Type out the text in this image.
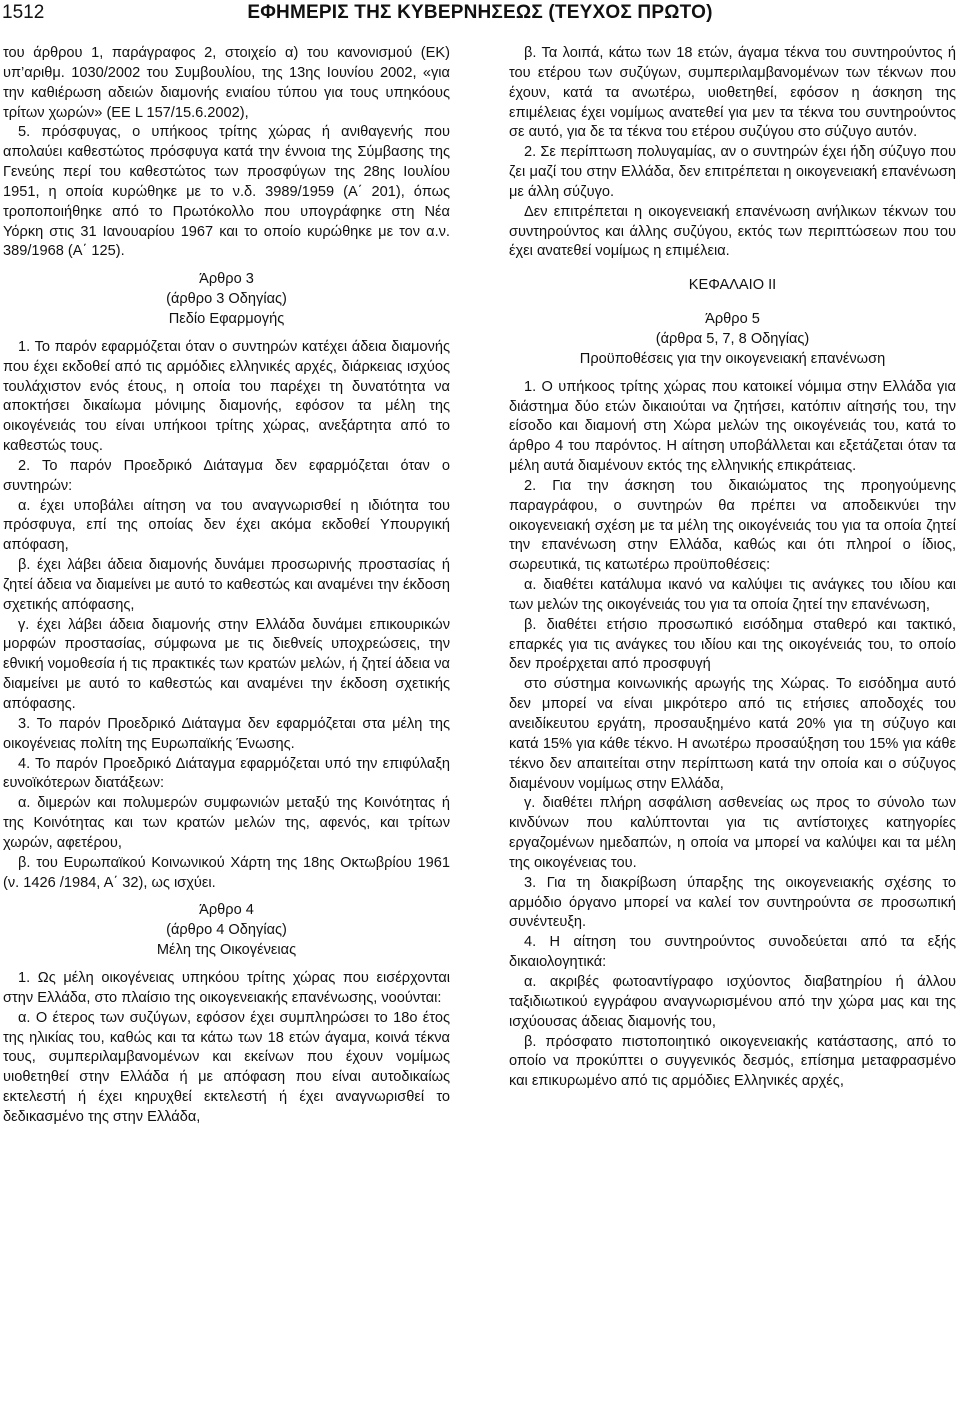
1512	ΕΦΗΜΕΡΙΣ ΤΗΣ ΚΥΒΕΡΝΗΣΕΩΣ (ΤΕΥΧΟΣ ΠΡΩΤΟ)

του άρθρου 1, παράγραφος 2, στοιχείο α) του κανονισμού (ΕΚ) υπ’αριθμ. 1030/2002 του Συμβουλίου, της 13ης Ιουνίου 2002, «για την καθιέρωση αδειών διαμονής ενιαίου τύπου για τους υπηκόους τρίτων χωρών» (ΕΕ L 157/15.6.2002),

5. πρόσφυγας, ο υπήκοος τρίτης χώρας ή ανιθαγενής που απολαύει καθεστώτος πρόσφυγα κατά την έννοια της Σύμβασης της Γενεύης περί του καθεστώτος των προσφύγων της 28ης Ιουλίου 1951, η οποία κυρώθηκε με το ν.δ. 3989/1959 (Α΄ 201), όπως τροποποιήθηκε από το Πρωτόκολλο που υπογράφηκε στη Νέα Υόρκη στις 31 Ιανουαρίου 1967 και το οποίο κυρώθηκε με τον α.ν. 389/1968 (Α΄ 125).

Άρθρο 3

(άρθρο 3 Οδηγίας)

Πεδίο Εφαρμογής

1. Το παρόν εφαρμόζεται όταν ο συντηρών κατέχει άδεια διαμονής που έχει εκδοθεί από τις αρμόδιες ελληνικές αρχές, διάρκειας ισχύος τουλάχιστον ενός έτους, η οποία του παρέχει τη δυνατότητα να αποκτήσει δικαίωμα μόνιμης διαμονής, εφόσον τα μέλη της οικογένειάς του είναι υπήκοοι τρίτης χώρας, ανεξάρτητα από το καθεστώς τους.

2. Το παρόν Προεδρικό Διάταγμα δεν εφαρμόζεται όταν ο συντηρών:

α. έχει υποβάλει αίτηση να του αναγνωρισθεί η ιδιότητα του πρόσφυγα, επί της οποίας δεν έχει ακόμα εκδοθεί Υπουργική απόφαση,

β. έχει λάβει άδεια διαμονής δυνάμει προσωρινής προστασίας ή ζητεί άδεια να διαμείνει με αυτό το καθεστώς και αναμένει την έκδοση σχετικής απόφασης,

γ. έχει λάβει άδεια διαμονής στην Ελλάδα δυνάμει επικουρικών μορφών προστασίας, σύμφωνα με τις διεθνείς υποχρεώσεις, την εθνική νομοθεσία ή τις πρακτικές των κρατών μελών, ή ζητεί άδεια να διαμείνει με αυτό το καθεστώς και αναμένει την έκδοση σχετικής απόφασης.

3. Το παρόν Προεδρικό Διάταγμα δεν εφαρμόζεται στα μέλη της οικογένειας πολίτη της Ευρωπαϊκής Ένωσης.

4. Το παρόν Προεδρικό Διάταγμα εφαρμόζεται υπό την επιφύλαξη ευνοϊκότερων διατάξεων:

α. διμερών και πολυμερών συμφωνιών μεταξύ της Κοινότητας ή της Κοινότητας και των κρατών μελών της, αφενός, και τρίτων χωρών, αφετέρου,

β. του Ευρωπαϊκού Κοινωνικού Χάρτη της 18ης Οκτωβρίου 1961 (ν. 1426 /1984, Α΄ 32), ως ισχύει.

Άρθρο 4

(άρθρο 4 Οδηγίας)

Μέλη της Οικογένειας

1. Ως μέλη οικογένειας υπηκόου τρίτης χώρας που εισέρχονται στην Ελλάδα, στο πλαίσιο της οικογενειακής επανένωσης, νοούνται:

α. Ο έτερος των συζύγων, εφόσον έχει συμπληρώσει το 18ο έτος της ηλικίας του, καθώς και τα κάτω των 18 ετών άγαμα, κοινά τέκνα τους, συμπεριλαμβανομένων και εκείνων που έχουν νομίμως υιοθετηθεί στην Ελλάδα ή με απόφαση που είναι αυτοδικαίως εκτελεστή ή έχει κηρυχθεί εκτελεστή ή έχει αναγνωρισθεί το δεδικασμένο της στην Ελλάδα,

β. Τα λοιπά, κάτω των 18 ετών, άγαμα τέκνα του συντηρούντος ή του ετέρου των συζύγων, συμπεριλαμβανομένων των τέκνων που έχουν, κατά τα ανωτέρω, υιοθετηθεί, εφόσον η άσκηση της επιμέλειας έχει νομίμως ανατεθεί για μεν τα τέκνα του συντηρούντος σε αυτό, για δε τα τέκνα του ετέρου συζύγου στο σύζυγο αυτόν.

2. Σε περίπτωση πολυγαμίας, αν ο συντηρών έχει ήδη σύζυγο που ζει μαζί του στην Ελλάδα, δεν επιτρέπεται η οικογενειακή επανένωση με άλλη σύζυγο.

Δεν επιτρέπεται η οικογενειακή επανένωση ανήλικων τέκνων του συντηρούντος και άλλης συζύγου, εκτός των περιπτώσεων που του έχει ανατεθεί νομίμως η επιμέλεια.

ΚΕΦΑΛΑΙΟ ΙΙ

Άρθρο 5

(άρθρα 5, 7, 8 Οδηγίας)

Προϋποθέσεις για την οικογενειακή επανένωση

1. Ο υπήκοος τρίτης χώρας που κατοικεί νόμιμα στην Ελλάδα για διάστημα δύο ετών δικαιούται να ζητήσει, κατόπιν αίτησής του, την είσοδο και διαμονή στη Χώρα μελών της οικογένειάς του, κατά το άρθρο 4 του παρόντος. Η αίτηση υποβάλλεται και εξετάζεται όταν τα μέλη αυτά διαμένουν εκτός της ελληνικής επικράτειας.

2. Για την άσκηση του δικαιώματος της προηγούμενης παραγράφου, ο συντηρών θα πρέπει να αποδεικνύει την οικογενειακή σχέση με τα μέλη της οικογένειάς του για τα οποία ζητεί την επανένωση στην Ελλάδα, καθώς και ότι πληροί ο ίδιος, σωρευτικά, τις κατωτέρω προϋποθέσεις:

α. διαθέτει κατάλυμα ικανό να καλύψει τις ανάγκες του ιδίου και των μελών της οικογένειάς του για τα οποία ζητεί την επανένωση,

β. διαθέτει ετήσιο προσωπικό εισόδημα σταθερό και τακτικό, επαρκές για τις ανάγκες του ιδίου και της οικογένειάς του, το οποίο δεν προέρχεται από προσφυγή

στο σύστημα κοινωνικής αρωγής της Χώρας. Το εισόδημα αυτό δεν μπορεί να είναι μικρότερο από τις ετήσιες αποδοχές του ανειδίκευτου εργάτη, προσαυξημένο κατά 20% για τη σύζυγο και κατά 15% για κάθε τέκνο. Η ανωτέρω προσαύξηση του 15% για κάθε τέκνο δεν απαιτείται στην περίπτωση κατά την οποία και ο σύζυγος διαμένουν νομίμως στην Ελλάδα,

γ. διαθέτει πλήρη ασφάλιση ασθενείας ως προς το σύνολο των κινδύνων που καλύπτονται για τις αντίστοιχες κατηγορίες εργαζομένων ημεδαπών, η οποία να μπορεί να καλύψει και τα μέλη της οικογένειας του.

3. Για τη διακρίβωση ύπαρξης της οικογενειακής σχέσης το αρμόδιο όργανο μπορεί να καλεί τον συντηρούντα σε προσωπική συνέντευξη.

4. Η αίτηση του συντηρούντος συνοδεύεται από τα εξής δικαιολογητικά:

α. ακριβές φωτοαντίγραφο ισχύοντος διαβατηρίου ή άλλου ταξιδιωτικού εγγράφου αναγνωρισμένου από την χώρα μας και της ισχύουσας άδειας διαμονής του,

β. πρόσφατο πιστοποιητικό οικογενειακής κατάστασης, από το οποίο να προκύπτει ο συγγενικός δεσμός, επίσημα μεταφρασμένο και επικυρωμένο από τις αρμόδιες Ελληνικές αρχές,
